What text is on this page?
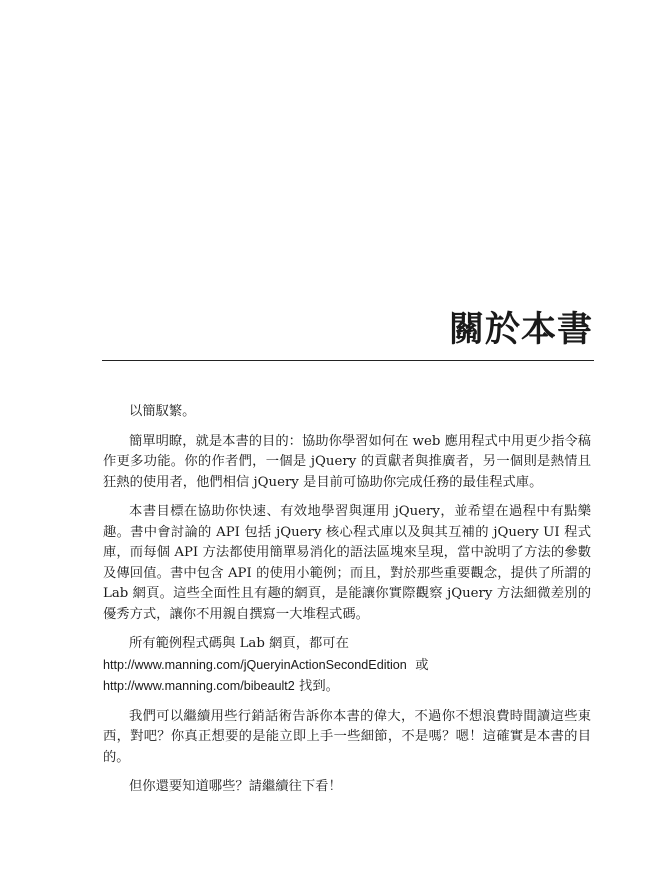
關於本書

以簡馭繁。

簡單明瞭，就是本書的目的：協助你學習如何在 web 應用程式中用更少指令稿作更多功能。你的作者們，一個是 jQuery 的貢獻者與推廣者，另一個則是熱情且狂熱的使用者，他們相信 jQuery 是目前可協助你完成任務的最佳程式庫。

本書目標在協助你快速、有效地學習與運用 jQuery，並希望在過程中有點樂趣。書中會討論的 API 包括 jQuery 核心程式庫以及與其互補的 jQuery UI 程式庫，而每個 API 方法都使用簡單易消化的語法區塊來呈現，當中說明了方法的參數及傳回值。書中包含 API 的使用小範例；而且，對於那些重要觀念，提供了所謂的 Lab 網頁。這些全面性且有趣的網頁，是能讓你實際觀察 jQuery 方法細微差別的優秀方式，讓你不用親自撰寫一大堆程式碼。

所有範例程式碼與 Lab 網頁，都可在
http://www.manning.com/jQueryinActionSecondEdition 或
http://www.manning.com/bibeault2 找到。

我們可以繼續用些行銷話術告訴你本書的偉大，不過你不想浪費時間讀這些東西，對吧？你真正想要的是能立即上手一些細節，不是嗎？嗯！這確實是本書的目的。

但你還要知道哪些？請繼續往下看！
